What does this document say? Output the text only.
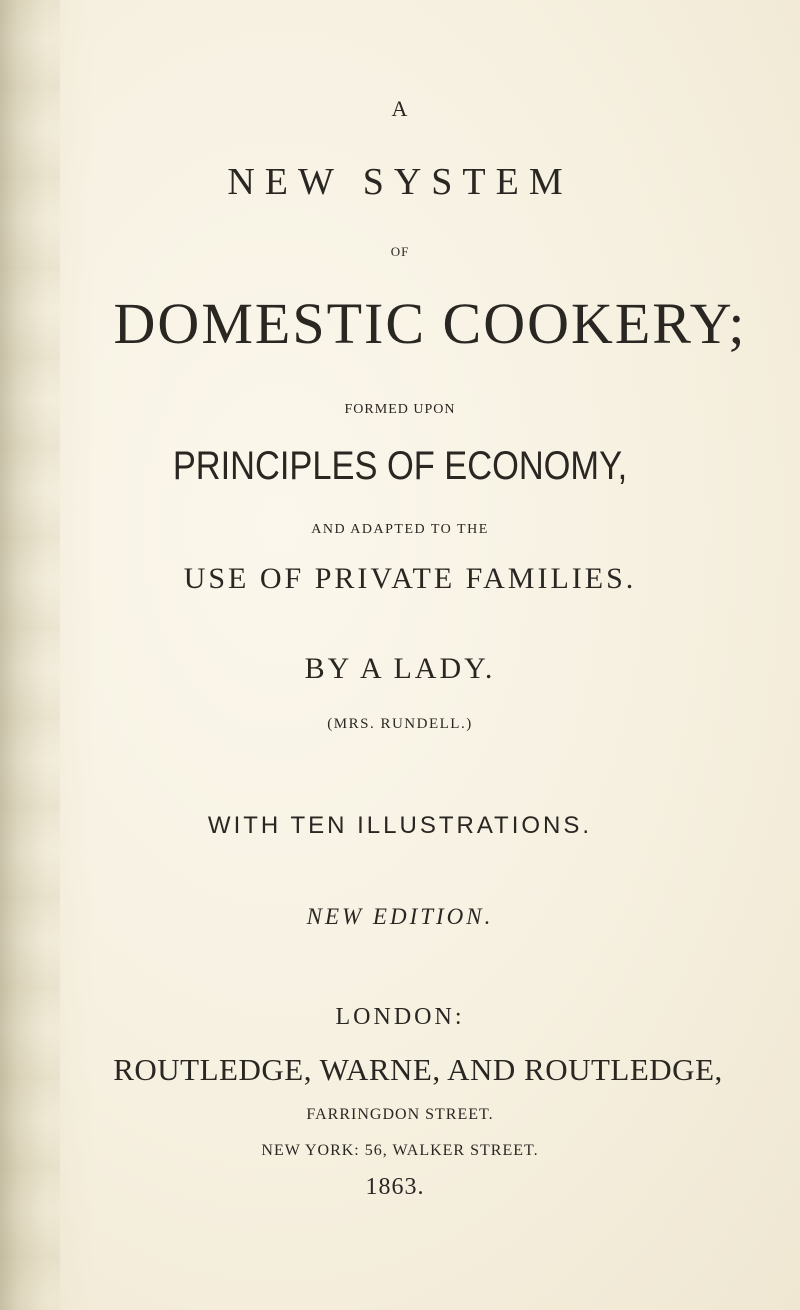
A
NEW SYSTEM
OF
DOMESTIC COOKERY;
FORMED UPON
PRINCIPLES OF ECONOMY,
AND ADAPTED TO THE
USE OF PRIVATE FAMILIES.
BY A LADY.
(MRS. RUNDELL.)
WITH TEN ILLUSTRATIONS.
NEW EDITION.
LONDON:
ROUTLEDGE, WARNE, AND ROUTLEDGE,
FARRINGDON STREET.
NEW YORK: 56, WALKER STREET.
1863.
